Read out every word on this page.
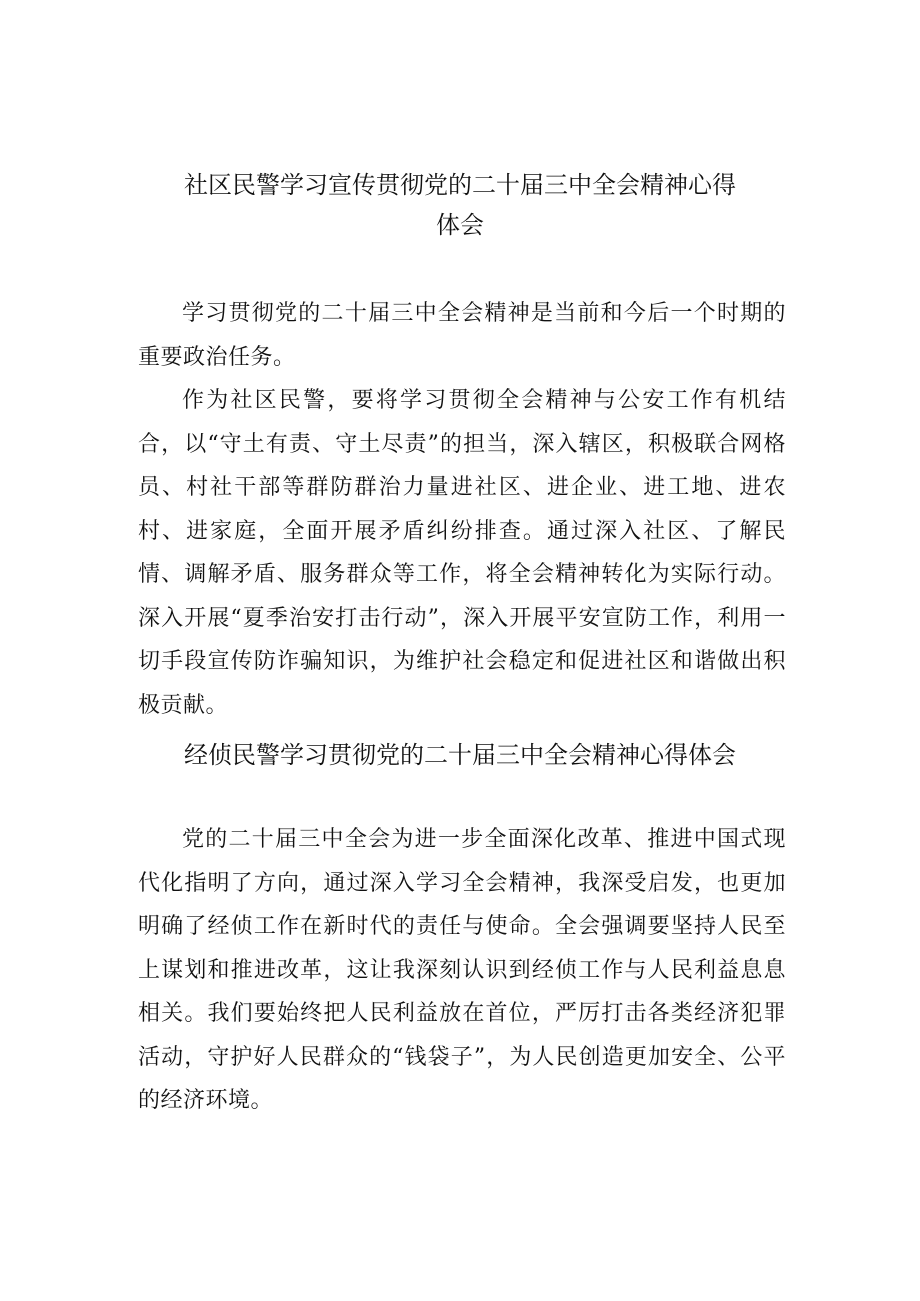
社区民警学习宣传贯彻党的二十届三中全会精神心得
体会

学习贯彻党的二十届三中全会精神是当前和今后一个时期的重要政治任务。

作为社区民警，要将学习贯彻全会精神与公安工作有机结合，以“守土有责、守土尽责”的担当，深入辖区，积极联合网格员、村社干部等群防群治力量进社区、进企业、进工地、进农村、进家庭，全面开展矛盾纠纷排查。通过深入社区、了解民情、调解矛盾、服务群众等工作，将全会精神转化为实际行动。深入开展“夏季治安打击行动”，深入开展平安宣防工作，利用一切手段宣传防诈骗知识，为维护社会稳定和促进社区和谐做出积极贡献。

经侦民警学习贯彻党的二十届三中全会精神心得体会

党的二十届三中全会为进一步全面深化改革、推进中国式现代化指明了方向，通过深入学习全会精神，我深受启发，也更加明确了经侦工作在新时代的责任与使命。全会强调要坚持人民至上谋划和推进改革，这让我深刻认识到经侦工作与人民利益息息相关。我们要始终把人民利益放在首位，严厉打击各类经济犯罪活动，守护好人民群众的“钱袋子”，为人民创造更加安全、公平的经济环境。
